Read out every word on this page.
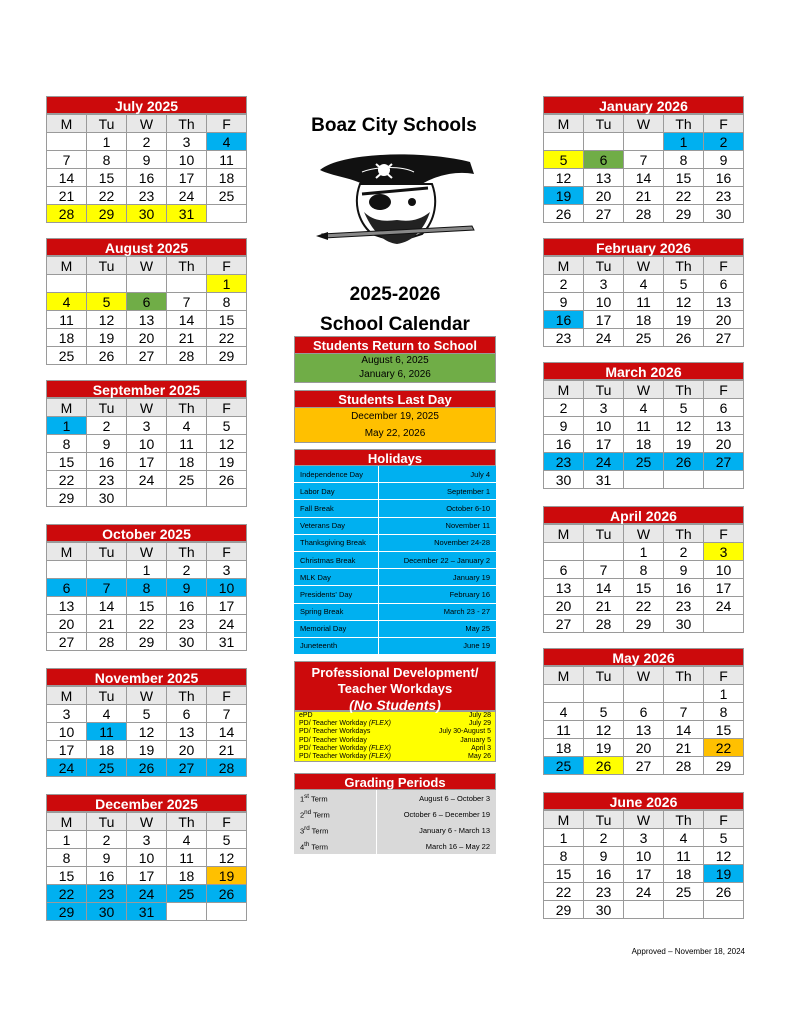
July 2025
M	Tu	W	Th	F
	1	2	3	4
7	8	9	10	11
14	15	16	17	18
21	22	23	24	25
28	29	30	31	
August 2025
M	Tu	W	Th	F
				1
4	5	6	7	8
11	12	13	14	15
18	19	20	21	22
25	26	27	28	29
September 2025
M	Tu	W	Th	F
1	2	3	4	5
8	9	10	11	12
15	16	17	18	19
22	23	24	25	26
29	30			
October 2025
M	Tu	W	Th	F
		1	2	3
6	7	8	9	10
13	14	15	16	17
20	21	22	23	24
27	28	29	30	31
November 2025
M	Tu	W	Th	F
3	4	5	6	7
10	11	12	13	14
17	18	19	20	21
24	25	26	27	28
December 2025
M	Tu	W	Th	F
1	2	3	4	5
8	9	10	11	12
15	16	17	18	19
22	23	24	25	26
29	30	31		
January 2026
M	Tu	W	Th	F
			1	2
5	6	7	8	9
12	13	14	15	16
19	20	21	22	23
26	27	28	29	30
February 2026
M	Tu	W	Th	F
2	3	4	5	6
9	10	11	12	13
16	17	18	19	20
23	24	25	26	27
March 2026
M	Tu	W	Th	F
2	3	4	5	6
9	10	11	12	13
16	17	18	19	20
23	24	25	26	27
30	31			
April 2026
M	Tu	W	Th	F
		1	2	3
6	7	8	9	10
13	14	15	16	17
20	21	22	23	24
27	28	29	30	
May 2026
M	Tu	W	Th	F
				1
4	5	6	7	8
11	12	13	14	15
18	19	20	21	22
25	26	27	28	29
June 2026
M	Tu	W	Th	F
1	2	3	4	5
8	9	10	11	12
15	16	17	18	19
22	23	24	25	26
29	30			
Boaz City Schools
2025-2026
School Calendar
Students Return to School
August 6, 2025
January 6, 2026
Students Last Day
December 19, 2025
May 22, 2026
Holidays
Independence Day	July 4
Labor Day	September 1
Fall Break	October 6-10
Veterans Day	November 11
Thanksgiving Break	November 24-28
Christmas Break	December 22 – January 2
MLK Day	January 19
Presidents' Day	February 16
Spring Break	March 23 - 27
Memorial Day	May 25
Juneteenth	June 19
Professional Development/
Teacher Workdays
(No Students)
ePD	July 28
PD/ Teacher Workday (FLEX)	July 29
PD/ Teacher Workdays	July 30-August 5
PD/ Teacher Workday	January 5
PD/ Teacher Workday (FLEX)	April 3
PD/ Teacher Workday (FLEX)	May 26
Grading Periods
1st Term	August 6 – October 3
2nd Term	October 6 – December 19
3rd Term	January 6 - March 13
4th Term	March 16 – May 22
Approved – November 18, 2024
